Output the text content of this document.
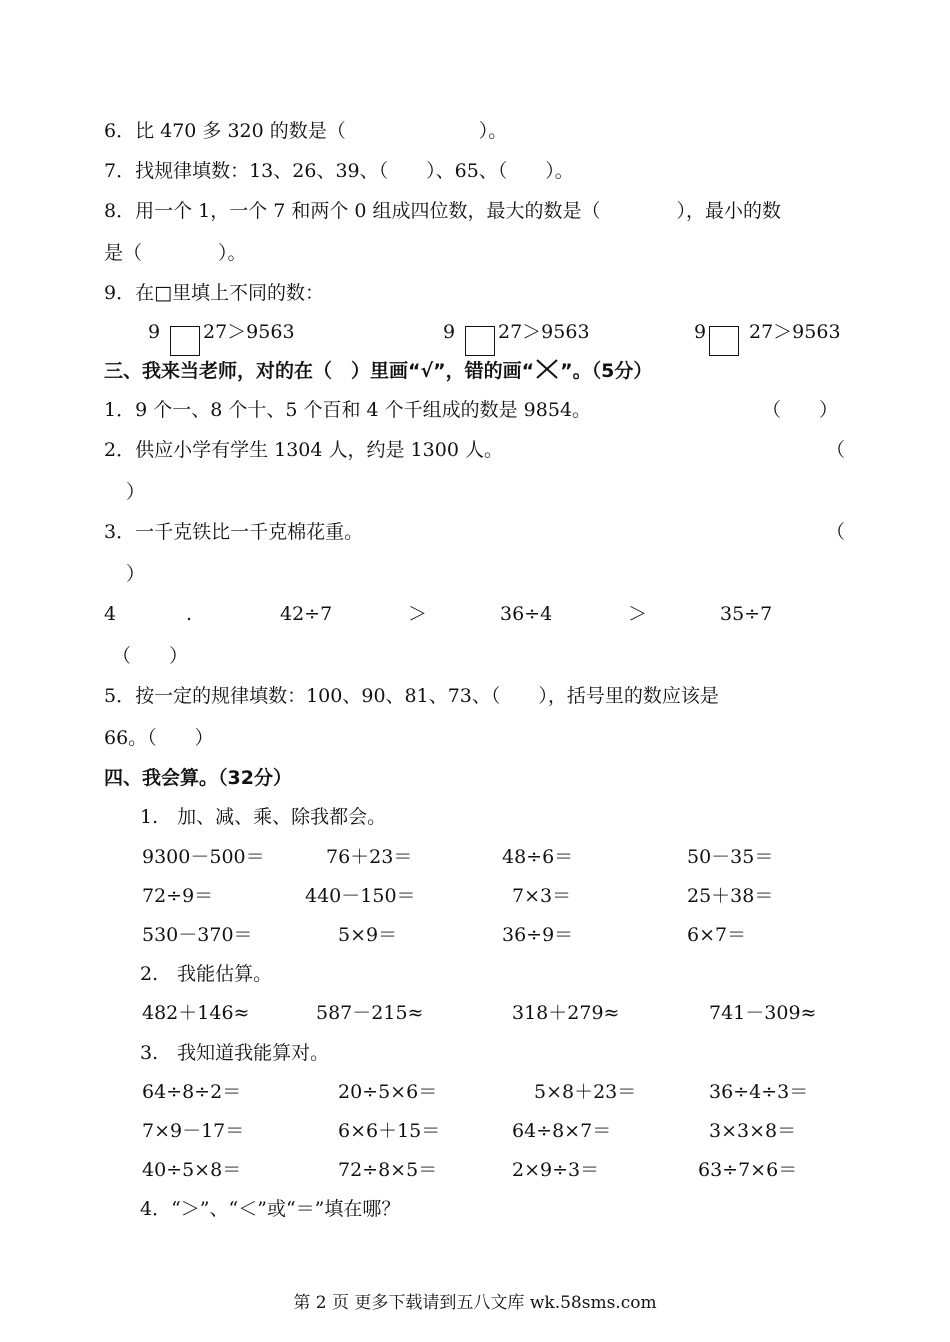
6．比 470 多 320 的数是（　　　　　　　）。
7．找规律填数：13、26、39、（　　）、65、（　　）。
8．用一个 1，一个 7 和两个 0 组成四位数，最大的数是（　　　　），最小的数
是（　　　　）。
9．在□里填上不同的数：
9 27＞9563	9 27＞9563	9 27＞9563
三、我来当老师，对的在（　）里画“√”，错的画“ ”。（5分）
1．9 个一、8 个十、5 个百和 4 个千组成的数是 9854。	（　　）
2．供应小学有学生 1304 人，约是 1300 人。	（
）
3．一千克铁比一千克棉花重。	（
）
4	.	42÷7	＞	36÷4	＞	35÷7
（　　）
5．按一定的规律填数：100、90、81、73、（　　），括号里的数应该是
66。（　　）
四、我会算。（32分）
1.　加、减、乘、除我都会。
9300－500＝	76＋23＝	48÷6＝	50－35＝
72÷9＝	440－150＝	7×3＝	25＋38＝
530－370＝	5×9＝	36÷9＝	6×7＝
2.　我能估算。
482＋146≈	587－215≈	318＋279≈	741－309≈
3.　我知道我能算对。
64÷8÷2＝	20÷5×6＝	5×8＋23＝	36÷4÷3＝
7×9－17＝	6×6＋15＝	64÷8×7＝	3×3×8＝
40÷5×8＝	72÷8×5＝	2×9÷3＝	63÷7×6＝
4．“＞”、“＜”或“＝”填在哪？
第 2 页 更多下载请到五八文库 wk.58sms.com
